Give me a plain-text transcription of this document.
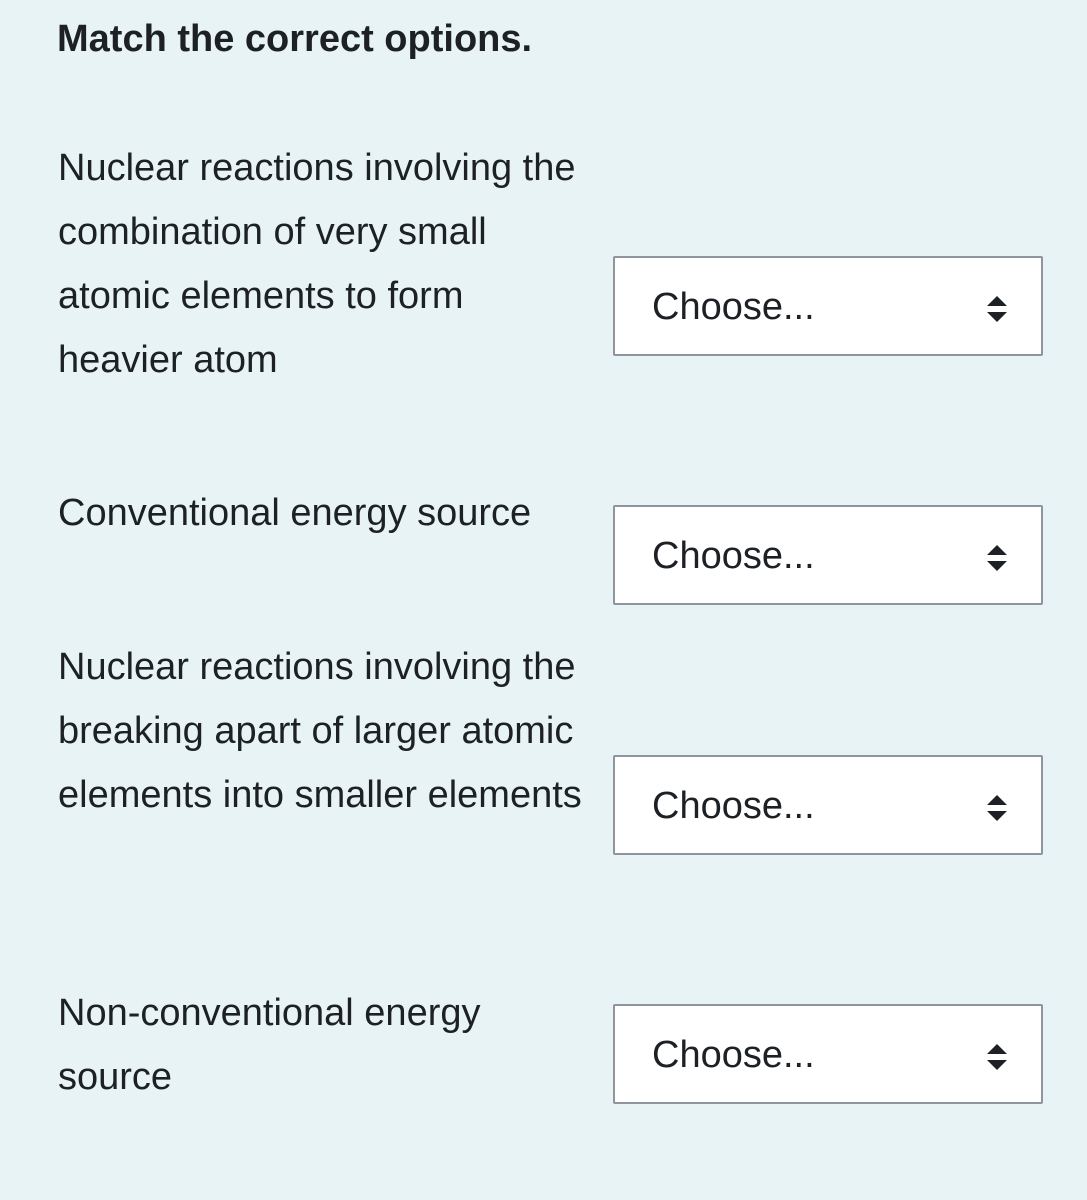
Match the correct options.

Nuclear reactions involving the combination of very small atomic elements to form heavier atom

Choose...

Conventional energy source

Choose...

Nuclear reactions involving the breaking apart of larger atomic elements into smaller elements Choose...

Non-conventional energy source

Choose...
